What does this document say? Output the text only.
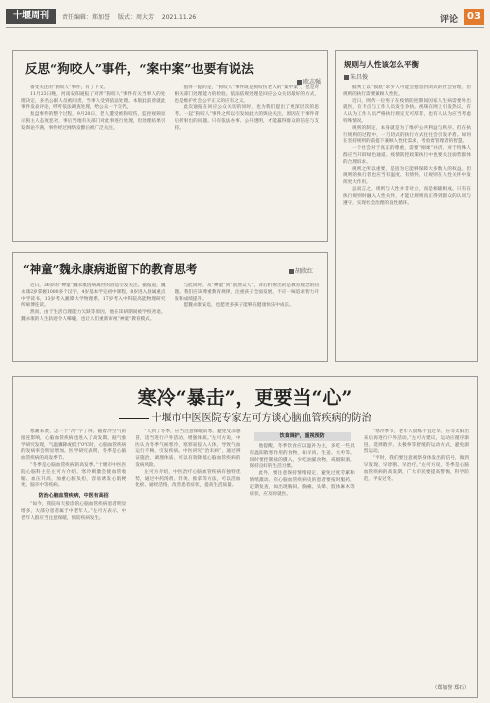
十堰周刊	责任编辑：郑加誉 版式：周大芳 2021.11.26	评论 03
反思“狗咬人”事件，“案中案”也要有说法
欧志强

备受关注的“狗咬人”事件，有了下文。

11月23日晚，河南安阳通报了对涉“狗咬人”事件有关当事人的处理决定，多名公职人员被问责，当事人受到依法处理。本版此前曾就此事件发表评论，呼吁依法调查处理，给公众一个交代。

复盘事件的整个过程，9月20日，老人遭受被狗咬伤，监控视频显示狗主人态度恶劣，事后当地有关部门对此事进行处理，但处理结果引发舆论不满，事件经过网络发酵后被广泛关注。

值得一提的是，“狗咬人”事件既是狗咬伤老人的“案中案”，也是对相关部门处理能力的检验。依法依规处理是回应公众关切最好的方式，也是维护社会公平正义的应有之义。

此次通报在回应公众关切的同时，也为我们提出了更深层次的思考。一起“狗咬人”事件之所以引发如此大的舆论关注，原因在于事件背后折射出的问题。只有依法办事、公开透明，才能赢得群众的信任与支持。

“神童”魏永康病逝留下的教育思考	胡欣红

近日，36岁的“神童”魏永康因病离世的消息引发关注。据报道，魏永康2岁掌握1000多个汉字，4岁基本学完初中课程，8岁进入县属重点中学读书，13岁考入湘潭大学物理系，17岁考入中科院高能物理研究所硕博连读。

然而，由于生活自理能力欠缺等原因，他在读研期间被学校劝退。魏永康的人生轨迹令人唏嘘，也让人们重新审视“神童”教育模式。

与此同时，从“神童”到“泯然众人”，背后折射出的是教育观念的问题。我们应该尊重教育规律，注重孩子全面发展，不应一味追求智力开发和成绩提升。

愿魏永康安息，也愿更多孩子能够在健康快乐中成长。

规则与人性该怎么平衡
朱昌俊

据判上以“摸底”求少人可能会抱怨封闭式的社会管理，但规则的执行需要兼顾人性化。

近日，网传一位男子在疫情防控期间因家人生病需要外出就医，在卡点与工作人员发生争执。视频在网上引发热议，有人认为工作人员严格执行规定无可厚非，也有人认为应当考虑特殊情况。

规则的制定，本身就是为了维护公共利益与秩序。但在执行规则的过程中，一刀切式的执行方式往往会引发矛盾。如何在坚持规则的前提下兼顾人性化需求，考验着管理者的智慧。

一个社会对于真正的尊重，需要“刚柔”并济，对于特殊人群应当开辟绿色通道。疫情防控政策执行中也要关注弱势群体的合理诉求。

规则之所以重要，是因为它能够保障大多数人的权益。但规则的执行者也应当有温度、有情怀，让规则在人性关怀中发挥更大作用。

总而言之，规则与人性并非对立，而是相辅相成。只有在执行规则时融入人性关怀，才能让规则真正得到群众的认同与遵守，实现社会治理的良性循环。

寒冷“暴击”，更要当“心”
十堰市中医医院专家左可方谈心脑血管疾病的防治

寒潮来袭，怎一个“冷”字了得。随着冷空气的接连影响，心脑血管疾病也进入了高发期。据气象学研究发现，气温骤降或低于0℃时，心脑血管疾病的发病率会明显增加。医学研究表明，冬季是心脑血管疾病的高发季节。

“冬季是心脑血管疾病的高发季。”十堰市中医医院心脑科主任左可方介绍，寒冷刺激会使血管收缩、血压升高，加重心脏负担，容易诱发心肌梗死、脑卒中等疾病。

防治心脑血管疾病，中医有高招

“如今，我院每天接诊的心脑血管疾病患者明显增多，大部分患者属于中老年人。”左可方表示，中老年人群应当注意保暖，预防疾病发生。

“人到了冬季，应当注意保暖防寒，避免受凉感冒，适当进行户外活动，增强体质。”左可方说，中医认为冬季气候寒冷，寒邪易侵入人体，导致气血运行不畅，引发疾病。中医讲究“治未病”，通过辨证施治，调理体质，可以有效降低心脑血管疾病的发病风险。

左可方介绍，中医治疗心脑血管疾病有独特优势，通过中药汤剂、针灸、推拿等方法，可以活血化瘀、通经活络，改善患者症状，提高生活质量。

饮食调护，重视预防

他提醒，冬季饮食应以温补为主，多吃一些具有温阳散寒作用的食物，如羊肉、生姜、大枣等。同时要控制盐的摄入，少吃油腻食物，戒烟限酒，保持良好的生活习惯。

此外，要注意保持情绪稳定，避免过度劳累和情绪激动。有心脑血管疾病史的患者要按时服药，定期复查，如出现胸闷、胸痛、头晕、肢体麻木等症状，应及时就医。

“寒冷季节，老年人晨练不宜过早，应等太阳出来后再进行户外活动。”左可方建议，运动应循序渐进，选择散步、太极拳等舒缓的运动方式，避免剧烈运动。

“平时，我们要注意观察身体发出的信号，做到早发现、早诊断、早治疗。”左可方说，冬季是心脑血管疾病的高发期，广大市民要提高警惕，科学防范，平安过冬。

（郑加誉 郑石）
